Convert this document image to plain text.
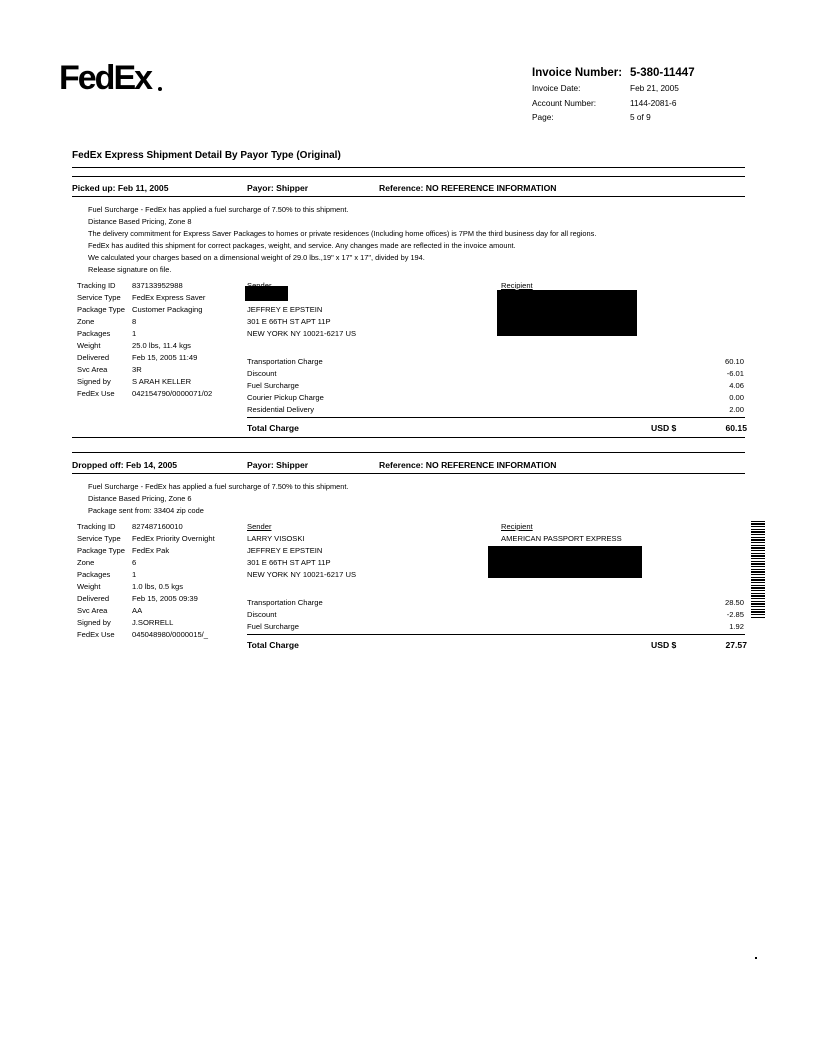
FedEx	Invoice Number: 5-380-11447
Invoice Date:	Feb 21, 2005
Account Number:	1144-2081-6
Page:	5 of 9
FedEx Express Shipment Detail By Payor Type (Original)
Picked up: Feb 11, 2005	Payor: Shipper	Reference: NO REFERENCE INFORMATION
Fuel Surcharge - FedEx has applied a fuel surcharge of 7.50% to this shipment.
Distance Based Pricing, Zone 8
The delivery commitment for Express Saver Packages to homes or private residences (Including home offices) is 7PM the third business day for all regions.
FedEx has audited this shipment for correct packages, weight, and service. Any changes made are reflected in the invoice amount.
We calculated your charges based on a dimensional weight of 29.0 lbs.,19" x 17" x 17", divided by 194.
Release signature on file.
Tracking ID 837133952988
Service Type FedEx Express Saver
Package Type Customer Packaging
Zone	8
Packages	1
Weight	25.0 lbs, 11.4 kgs
Delivered	Feb 15, 2005 11:49
Svc Area	3R
Signed by	S ARAH KELLER
FedEx Use 042154790/0000071/02
JEFFREY E EPSTEIN
301 E 66TH ST APT 11P
NEW YORK NY 10021-6217 US
Recipient
Transportation Charge	60.10
Discount	-6.01
Fuel Surcharge	4.06
Courier Pickup Charge	0.00
Residential Delivery	2.00
Total Charge	USD $	60.15
Dropped off: Feb 14, 2005	Payor: Shipper	Reference: NO REFERENCE INFORMATION
Fuel Surcharge - FedEx has applied a fuel surcharge of 7.50% to this shipment.
Distance Based Pricing, Zone 6
Package sent from: 33404 zip code
Tracking ID 827487160010
Service Type FedEx Priority Overnight
Package Type FedEx Pak
Zone	6
Packages	1
Weight	1.0 lbs, 0.5 kgs
Delivered	Feb 15, 2005 09:39
Svc Area	AA
Signed by	J.SORRELL
FedEx Use 045048980/0000015/_
Sender
LARRY VISOSKI
JEFFREY E EPSTEIN
301 E 66TH ST APT 11P
NEW YORK NY 10021-6217 US
Recipient
AMERICAN PASSPORT EXPRESS
Transportation Charge	28.50
Discount	-2.85
Fuel Surcharge	1.92
Total Charge	USD $	27.57
